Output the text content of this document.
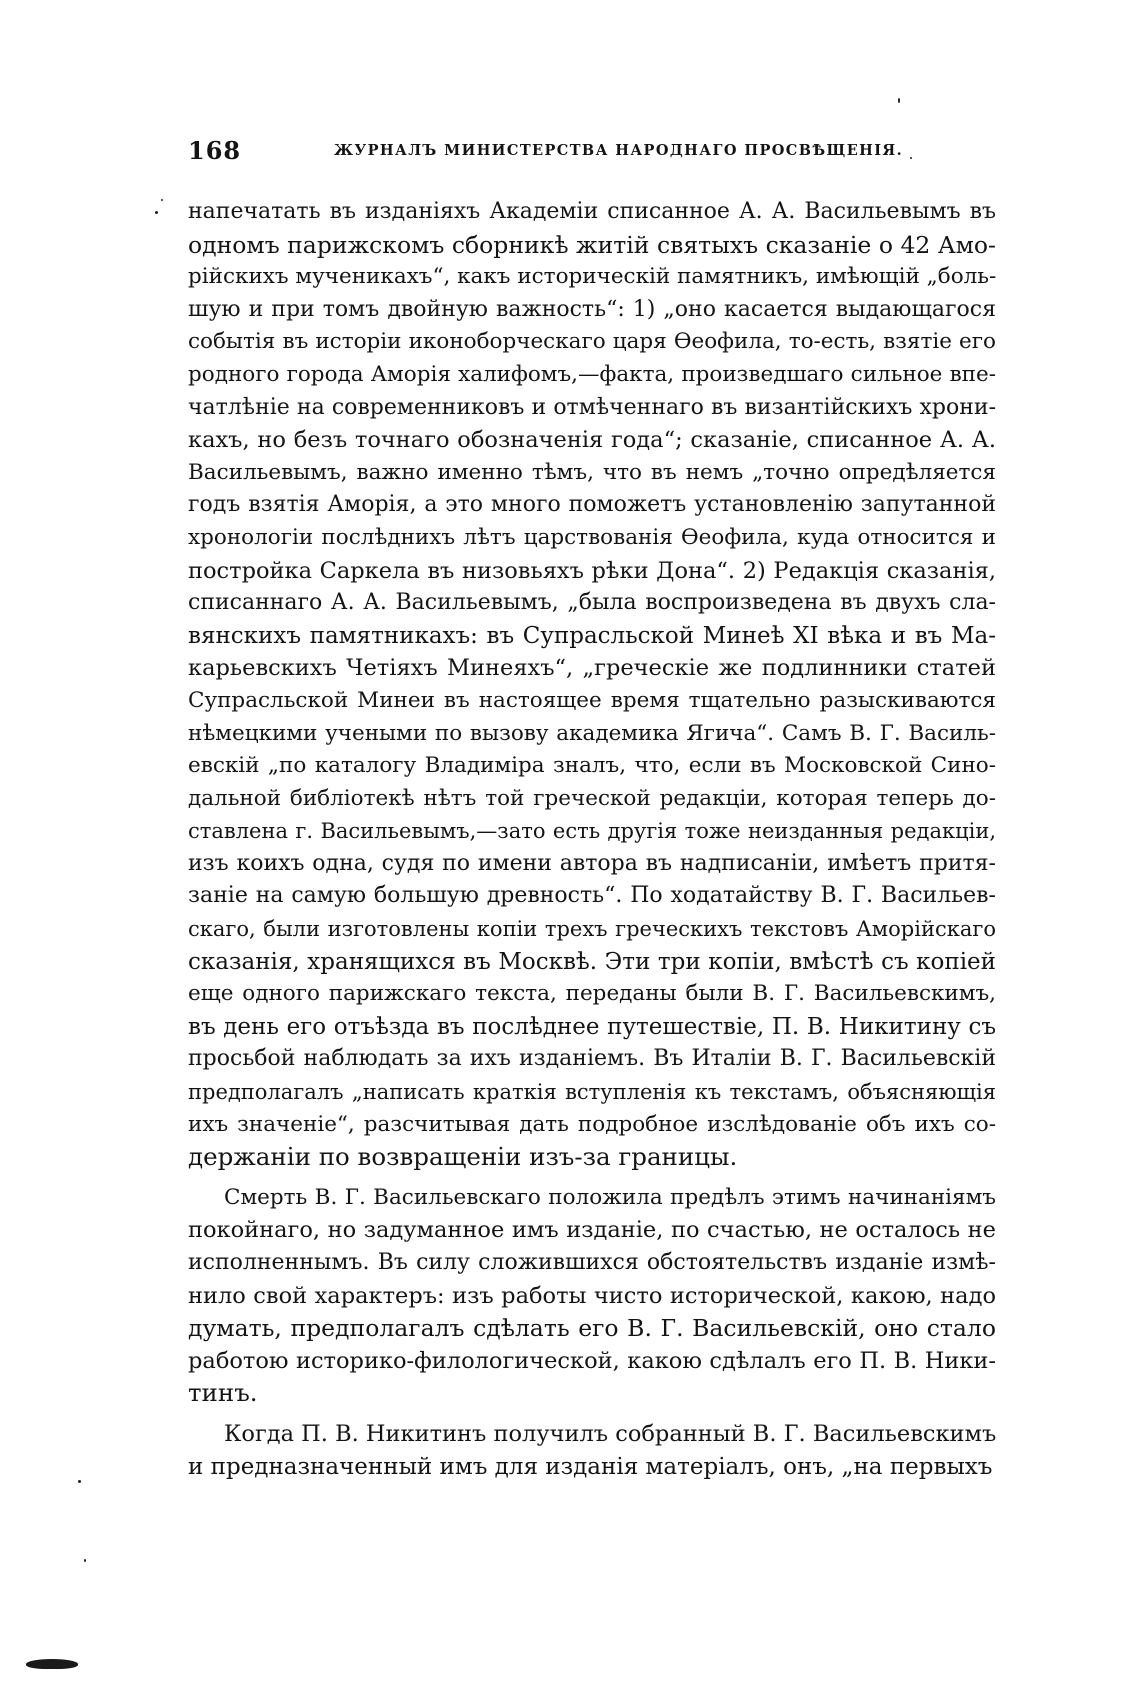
168	ЖУРНАЛЪ МИНИСТЕРСТВА НАРОДНАГО ПРОСВѢЩЕНІЯ.
напечатать въ изданіяхъ Академіи списанное А. А. Васильевымъ въ
одномъ парижскомъ сборникѣ житій святыхъ сказаніе о 42 Амо-
рійскихъ мученикахъ“, какъ историческій памятникъ, имѣющій „боль-
шую и при томъ двойную важность“: 1) „оно касается выдающагося
событія въ исторіи иконоборческаго царя Өеофила, то-есть, взятіе его
родного города Аморія халифомъ,—факта, произведшаго сильное впе-
чатлѣніе на современниковъ и отмѣченнаго въ византійскихъ хрони-
кахъ, но безъ точнаго обозначенія года“; сказаніе, списанное А. А.
Васильевымъ, важно именно тѣмъ, что въ немъ „точно опредѣляется
годъ взятія Аморія, а это много поможетъ установленію запутанной
хронологіи послѣднихъ лѣтъ царствованія Өеофила, куда относится и
постройка Саркела въ низовьяхъ рѣки Дона“. 2) Редакція сказанія,
списаннаго А. А. Васильевымъ, „была воспроизведена въ двухъ сла-
вянскихъ памятникахъ: въ Супрасльской Минеѣ XI вѣка и въ Ма-
карьевскихъ Четіяхъ Минеяхъ“, „греческіе же подлинники статей
Супрасльской Минеи въ настоящее время тщательно разыскиваются
нѣмецкими учеными по вызову академика Ягича“. Самъ В. Г. Василь-
евскій „по каталогу Владиміра зналъ, что, если въ Московской Сино-
дальной библіотекѣ нѣтъ той греческой редакціи, которая теперь до-
ставлена г. Васильевымъ,—зато есть другія тоже неизданныя редакціи,
изъ коихъ одна, судя по имени автора въ надписаніи, имѣетъ притя-
заніе на самую большую древность“. По ходатайству В. Г. Васильев-
скаго, были изготовлены копіи трехъ греческихъ текстовъ Аморійскаго
сказанія, хранящихся въ Москвѣ. Эти три копіи, вмѣстѣ съ копіей
еще одного парижскаго текста, переданы были В. Г. Васильевскимъ,
въ день его отъѣзда въ послѣднее путешествіе, П. В. Никитину съ
просьбой наблюдать за ихъ изданіемъ. Въ Италіи В. Г. Васильевскій
предполагалъ „написать краткія вступленія къ текстамъ, объясняющія
ихъ значеніе“, разсчитывая дать подробное изслѣдованіе объ ихъ со-
держаніи по возвращеніи изъ-за границы.
Смерть В. Г. Васильевскаго положила предѣлъ этимъ начинаніямъ
покойнаго, но задуманное имъ изданіе, по счастью, не осталось не
исполненнымъ. Въ силу сложившихся обстоятельствъ изданіе измѣ-
нило свой характеръ: изъ работы чисто исторической, какою, надо
думать, предполагалъ сдѣлать его В. Г. Васильевскій, оно стало
работою историко-филологической, какою сдѣлалъ его П. В. Ники-
тинъ.
Когда П. В. Никитинъ получилъ собранный В. Г. Васильевскимъ
и предназначенный имъ для изданія матеріалъ, онъ, „на первыхъ
